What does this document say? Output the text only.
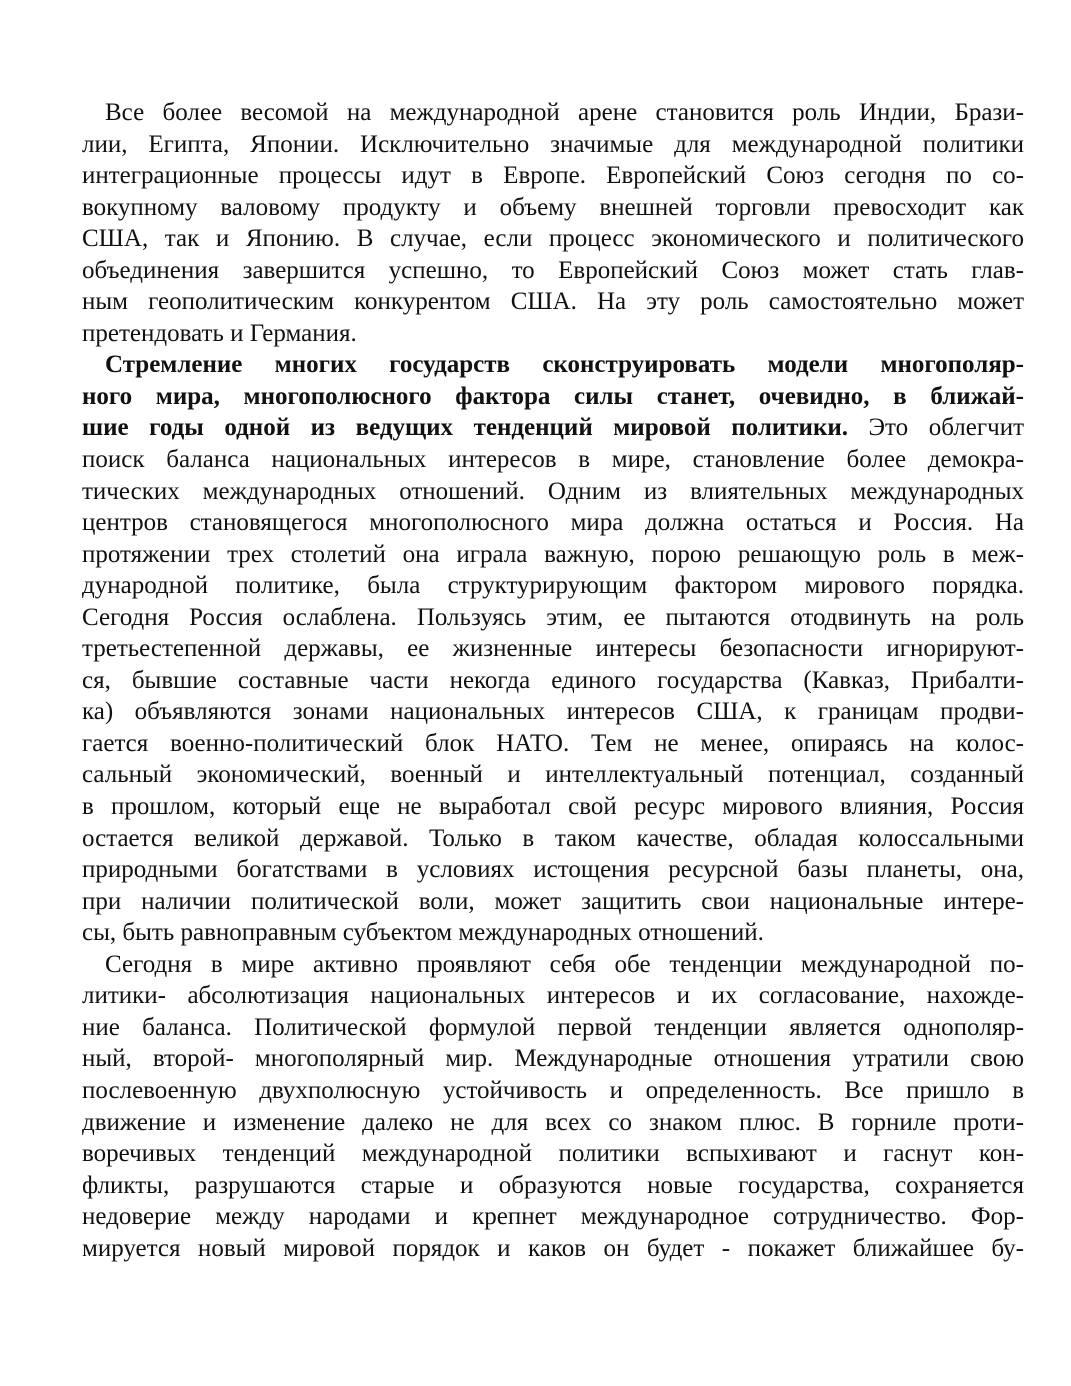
Все более весомой на международной арене становится роль Индии, Брази-
лии, Египта, Японии. Исключительно значимые для международной политики
интеграционные процессы идут в Европе. Европейский Союз сегодня по со-
вокупному валовому продукту и объему внешней торговли превосходит как
США, так и Японию. В случае, если процесс экономического и политического
объединения завершится успешно, то Европейский Союз может стать глав-
ным геополитическим конкурентом США. На эту роль самостоятельно может
претендовать и Германия.
Стремление многих государств сконструировать модели многополяр-
ного мира, многополюсного фактора силы станет, очевидно, в ближай-
шие годы одной из ведущих тенденций мировой политики. Это облегчит
поиск баланса национальных интересов в мире, становление более демокра-
тических международных отношений. Одним из влиятельных международных
центров становящегося многополюсного мира должна остаться и Россия. На
протяжении трех столетий она играла важную, порою решающую роль в меж-
дународной политике, была структурирующим фактором мирового порядка.
Сегодня Россия ослаблена. Пользуясь этим, ее пытаются отодвинуть на роль
третьестепенной державы, ее жизненные интересы безопасности игнорируют-
ся, бывшие составные части некогда единого государства (Кавказ, Прибалти-
ка) объявляются зонами национальных интересов США, к границам продви-
гается военно-политический блок НАТО. Тем не менее, опираясь на колос-
сальный экономический, военный и интеллектуальный потенциал, созданный
в прошлом, который еще не выработал свой ресурс мирового влияния, Россия
остается великой державой. Только в таком качестве, обладая колоссальными
природными богатствами в условиях истощения ресурсной базы планеты, она,
при наличии политической воли, может защитить свои национальные интере-
сы, быть равноправным субъектом международных отношений.
Сегодня в мире активно проявляют себя обе тенденции международной по-
литики- абсолютизация национальных интересов и их согласование, нахожде-
ние баланса. Политической формулой первой тенденции является однополяр-
ный, второй- многополярный мир. Международные отношения утратили свою
послевоенную двухполюсную устойчивость и определенность. Все пришло в
движение и изменение далеко не для всех со знаком плюс. В горниле проти-
воречивых тенденций международной политики вспыхивают и гаснут кон-
фликты, разрушаются старые и образуются новые государства, сохраняется
недоверие между народами и крепнет международное сотрудничество. Фор-
мируется новый мировой порядок и каков он будет - покажет ближайшее бу-
